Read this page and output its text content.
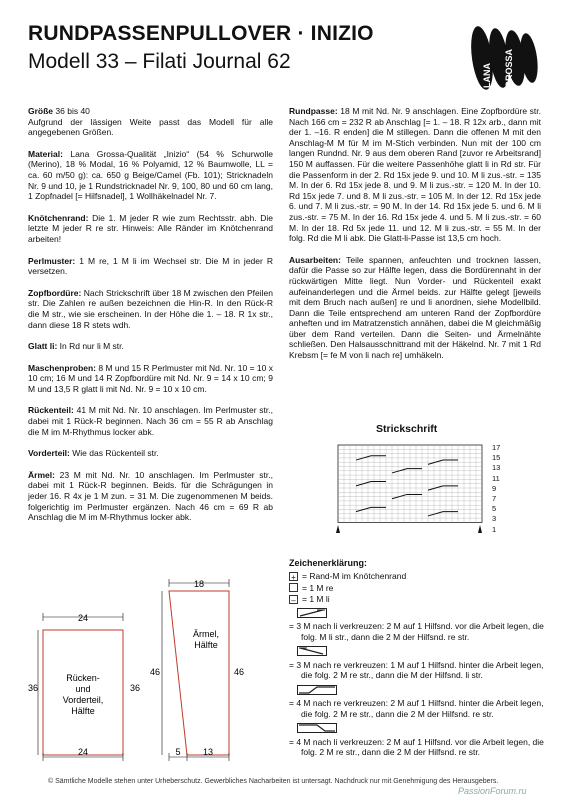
RUNDPASSENPULLOVER · INIZIO
Modell 33 – Filati Journal 62
LANA GROSSA

Größe 36 bis 40
Aufgrund der lässigen Weite passt das Modell für alle angegebenen Größen.

Material: Lana Grossa-Qualität „Inizio“ (54 % Schurwolle (Merino), 18 % Modal, 16 % Polyamid, 12 % Baumwolle, LL = ca. 60 m/50 g): ca. 650 g Beige/Camel (Fb. 101); Stricknadeln Nr. 9 und 10, je 1 Rundstricknadel Nr. 9, 100, 80 und 60 cm lang, 1 Zopfnadel [= Hilfsnadel], 1 Wollhäkelnadel Nr. 7.

Knötchenrand: Die 1. M jeder R wie zum Rechtsstr. abh. Die letzte M jeder R re str. Hinweis: Alle Ränder im Knötchenrand arbeiten!

Perlmuster: 1 M re, 1 M li im Wechsel str. Die M in jeder R versetzen.

Zopfbordüre: Nach Strickschrift über 18 M zwischen den Pfeilen str. Die Zahlen re außen bezeichnen die Hin-R. In den Rück-R die M str., wie sie erscheinen. In der Höhe die 1. – 18. R 1x str., dann diese 18 R stets wdh.

Glatt li: In Rd nur li M str.

Maschenproben: 8 M und 15 R Perlmuster mit Nd. Nr. 10 = 10 x 10 cm; 16 M und 14 R Zopfbordüre mit Nd. Nr. 9 = 14 x 10 cm; 9 M und 13,5 R glatt li mit Nd. Nr. 9 = 10 x 10 cm.

Rückenteil: 41 M mit Nd. Nr. 10 anschlagen. Im Perlmuster str., dabei mit 1 Rück-R beginnen. Nach 36 cm = 55 R ab Anschlag die M im M-Rhythmus locker abk.

Vorderteil: Wie das Rückenteil str.

Ärmel: 23 M mit Nd. Nr. 10 anschlagen. Im Perlmuster str., dabei mit 1 Rück-R beginnen. Beids. für die Schrägungen in jeder 16. R 4x je 1 M zun. = 31 M. Die zugenommenen M beids. folgerichtig im Perlmuster ergänzen. Nach 46 cm = 69 R ab Anschlag die M im M-Rhythmus locker abk.

Rundpasse: 18 M mit Nd. Nr. 9 anschlagen. Eine Zopfbordüre str. Nach 166 cm = 232 R ab Anschlag [= 1. – 18. R 12x arb., dann mit der 1. –16. R enden] die M stillegen. Dann die offenen M mit den Anschlag-M M für M im M-Stich verbinden. Nun mit der 100 cm langen Rundnd. Nr. 9 aus dem oberen Rand [zuvor re Arbeitsrand] 150 M auffassen. Für die weitere Passenhöhe glatt li in Rd str. Für die Passenform in der 2. Rd 15x jede 9. und 10. M li zus.-str. = 135 M. In der 6. Rd 15x jede 8. und 9. M li zus.-str. = 120 M. In der 10. Rd 15x jede 7. und 8. M li zus.-str. = 105 M. In der 12. Rd 15x jede 6. und 7. M li zus.-str. = 90 M. In der 14. Rd 15x jede 5. und 6. M li zus.-str. = 75 M. In der 16. Rd 15x jede 4. und 5. M li zus.-str. = 60 M. In der 18. Rd 5x jede 11. und 12. M li zus.-str. = 55 M. In der folg. Rd die M li abk. Die Glatt-li-Passe ist 13,5 cm hoch.

Ausarbeiten: Teile spannen, anfeuchten und trocknen lassen, dafür die Passe so zur Hälfte legen, dass die Bordürennaht in der rückwärtigen Mitte liegt. Nun Vorder- und Rückenteil exakt aufeinanderlegen und die Ärmel beids. zur Hälfte gelegt [jeweils mit dem Bruch nach außen] re und li anordnen, siehe Modellbild. Dann die Teile entsprechend am unteren Rand der Zopfbordüre anheften und im Matratzenstich annähen, dabei die M gleichmäßig über dem Rand verteilen. Dann die Seiten- und Ärmelnähte schließen. Den Halsausschnittrand mit der Häkelnd. Nr. 7 mit 1 Rd Krebsm [= fe M von li nach re] umhäkeln.

Strickschrift
17
15
13
11
9
7
5
3
1
Zeichenerklärung:
+ = Rand-M im Knötchenrand
= 1 M re
– = 1 M li
= 3 M nach li verkreuzen: 2 M auf 1 Hilfsnd. vor die Arbeit legen, die folg. M li str., dann die 2 M der Hilfsnd. re str.
= 3 M nach re verkreuzen: 1 M auf 1 Hilfsnd. hinter die Arbeit legen, die folg. 2 M re str., dann die M der Hilfsnd. li str.
= 4 M nach re verkreuzen: 2 M auf 1 Hilfsnd. hinter die Arbeit legen, die folg. 2 M re str., dann die 2 M der Hilfsnd. re str.
= 4 M nach li verkreuzen: 2 M auf 1 Hilfsnd. vor die Arbeit legen, die folg. 2 M re str., dann die 2 M der Hilfsnd. re str.
Rücken-
und
Vorderteil,
Hälfte
24
24
36	36
Ärmel,
Hälfte
18
5 13
46	46
© Sämtliche Modelle stehen unter Urheberschutz. Gewerbliches Nacharbeiten ist untersagt. Nachdruck nur mit Genehmigung des Herausgebers.
PassionForum.ru
